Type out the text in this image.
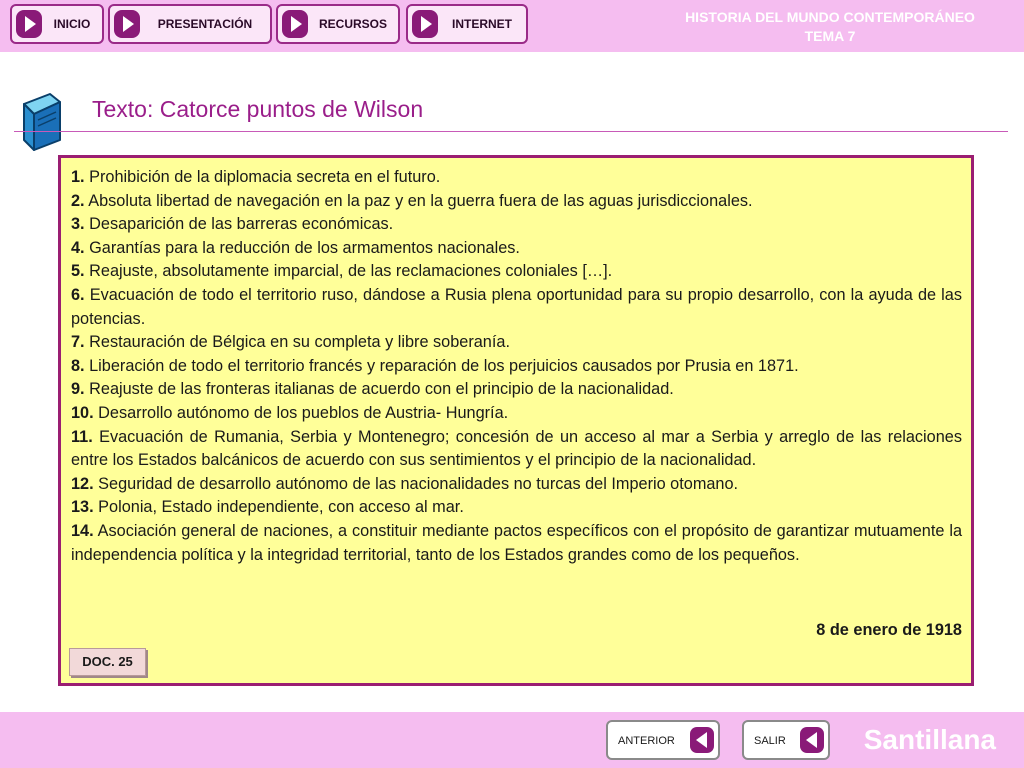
INICIO	PRESENTACIÓN	RECURSOS	INTERNET	HISTORIA DEL MUNDO CONTEMPORÁNEO
TEMA 7
Texto: Catorce puntos de Wilson

1. Prohibición de la diplomacia secreta en el futuro.

2. Absoluta libertad de navegación en la paz y en la guerra fuera de las aguas jurisdiccionales.

3. Desaparición de las barreras económicas.

4. Garantías para la reducción de los armamentos nacionales.

5. Reajuste, absolutamente imparcial, de las reclamaciones coloniales […].

6. Evacuación de todo el territorio ruso, dándose a Rusia plena oportunidad para su propio desarrollo, con la ayuda de las potencias.

7. Restauración de Bélgica en su completa y libre soberanía.

8. Liberación de todo el territorio francés y reparación de los perjuicios causados por Prusia en 1871.

9. Reajuste de las fronteras italianas de acuerdo con el principio de la nacionalidad.

10. Desarrollo autónomo de los pueblos de Austria- Hungría.

11. Evacuación de Rumania, Serbia y Montenegro; concesión de un acceso al mar a Serbia y arreglo de las relaciones entre los Estados balcánicos de acuerdo con sus sentimientos y el principio de la nacionalidad.

12. Seguridad de desarrollo autónomo de las nacionalidades no turcas del Imperio otomano.

13. Polonia, Estado independiente, con acceso al mar.

14. Asociación general de naciones, a constituir mediante pactos específicos con el propósito de garantizar mutuamente la independencia política y la integridad territorial, tanto de los Estados grandes como de los pequeños.

8 de enero de 1918
DOC. 25
ANTERIOR	SALIR	Santillana
